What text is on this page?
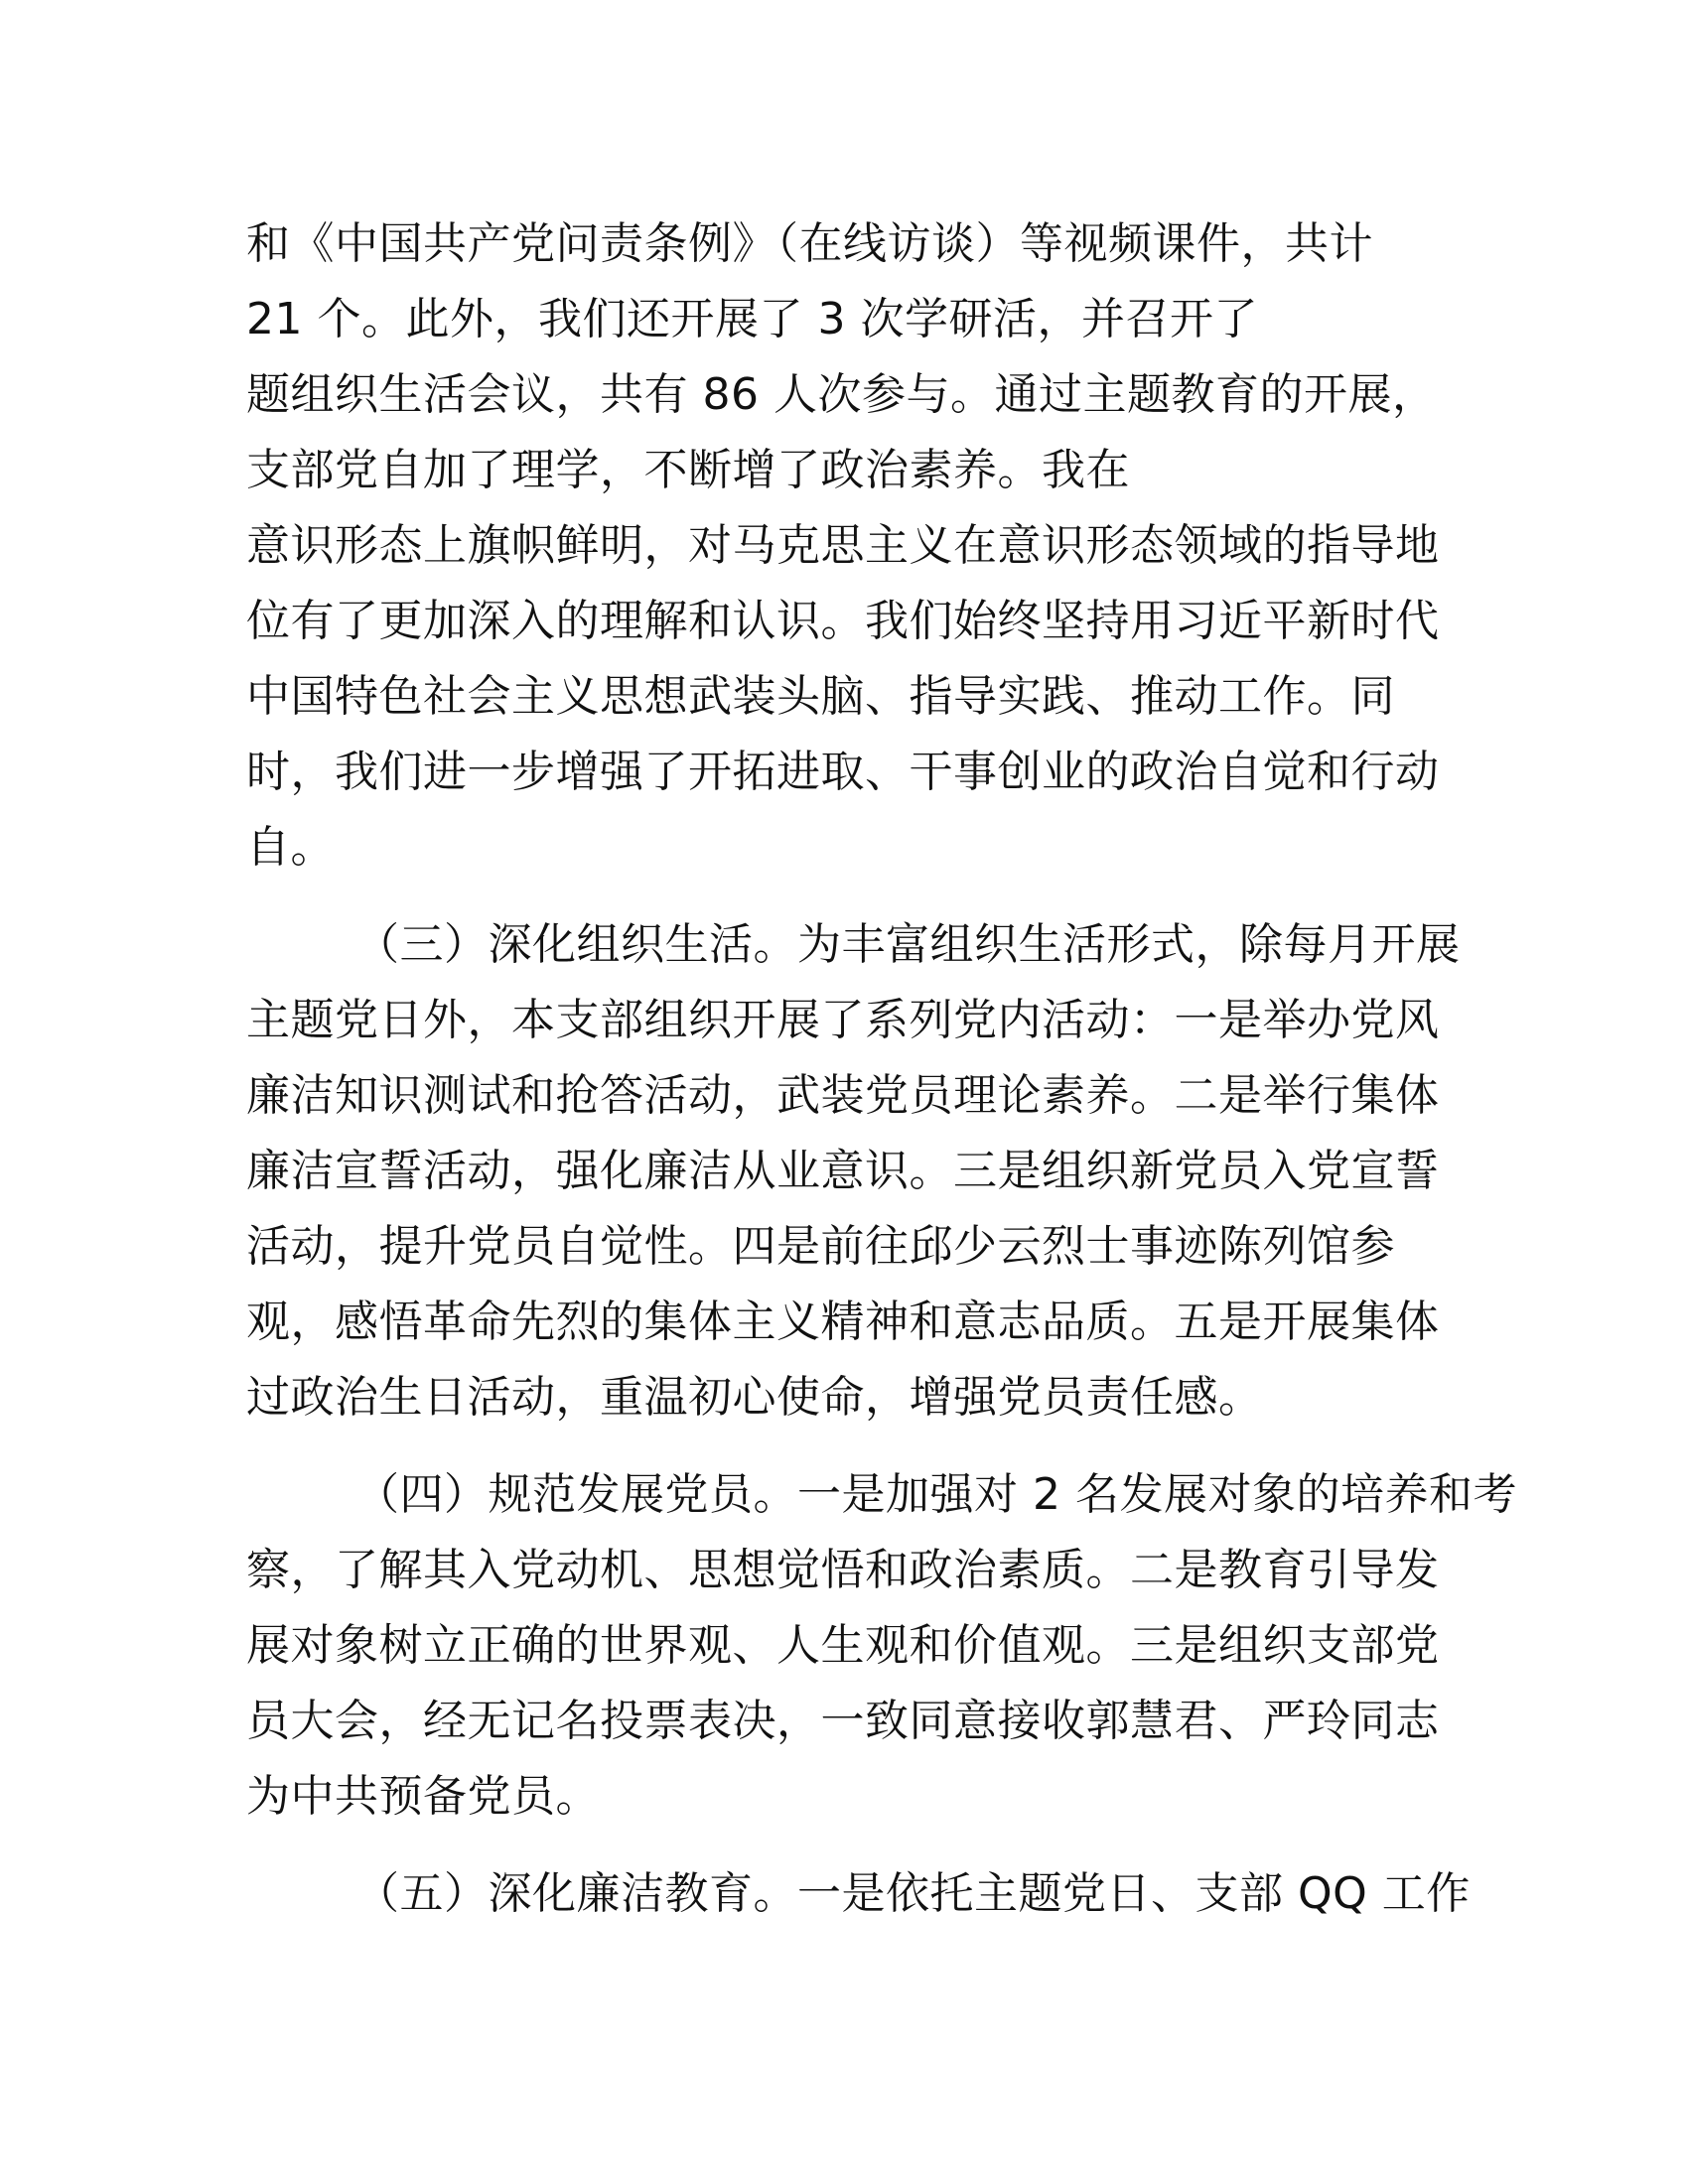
和《中国共产党问责条例》（在线访谈）等视频课件，共计
21 个。此外，我们还开展了 3 次学研活，并召开了
题组织生活会议，共有 86 人次参与。通过主题教育的开展，
支部党自加了理学，不断增了政治素养。我在
意识形态上旗帜鲜明，对马克思主义在意识形态领域的指导地
位有了更加深入的理解和认识。我们始终坚持用习近平新时代
中国特色社会主义思想武装头脑、指导实践、推动工作。同
时，我们进一步增强了开拓进取、干事创业的政治自觉和行动
自。
（三）深化组织生活。为丰富组织生活形式，除每月开展
主题党日外，本支部组织开展了系列党内活动：一是举办党风
廉洁知识测试和抢答活动，武装党员理论素养。二是举行集体
廉洁宣誓活动，强化廉洁从业意识。三是组织新党员入党宣誓
活动，提升党员自觉性。四是前往邱少云烈士事迹陈列馆参
观，感悟革命先烈的集体主义精神和意志品质。五是开展集体
过政治生日活动，重温初心使命，增强党员责任感。
（四）规范发展党员。一是加强对 2 名发展对象的培养和考
察，了解其入党动机、思想觉悟和政治素质。二是教育引导发
展对象树立正确的世界观、人生观和价值观。三是组织支部党
员大会，经无记名投票表决，一致同意接收郭慧君、严玲同志
为中共预备党员。
（五）深化廉洁教育。一是依托主题党日、支部 QQ 工作
